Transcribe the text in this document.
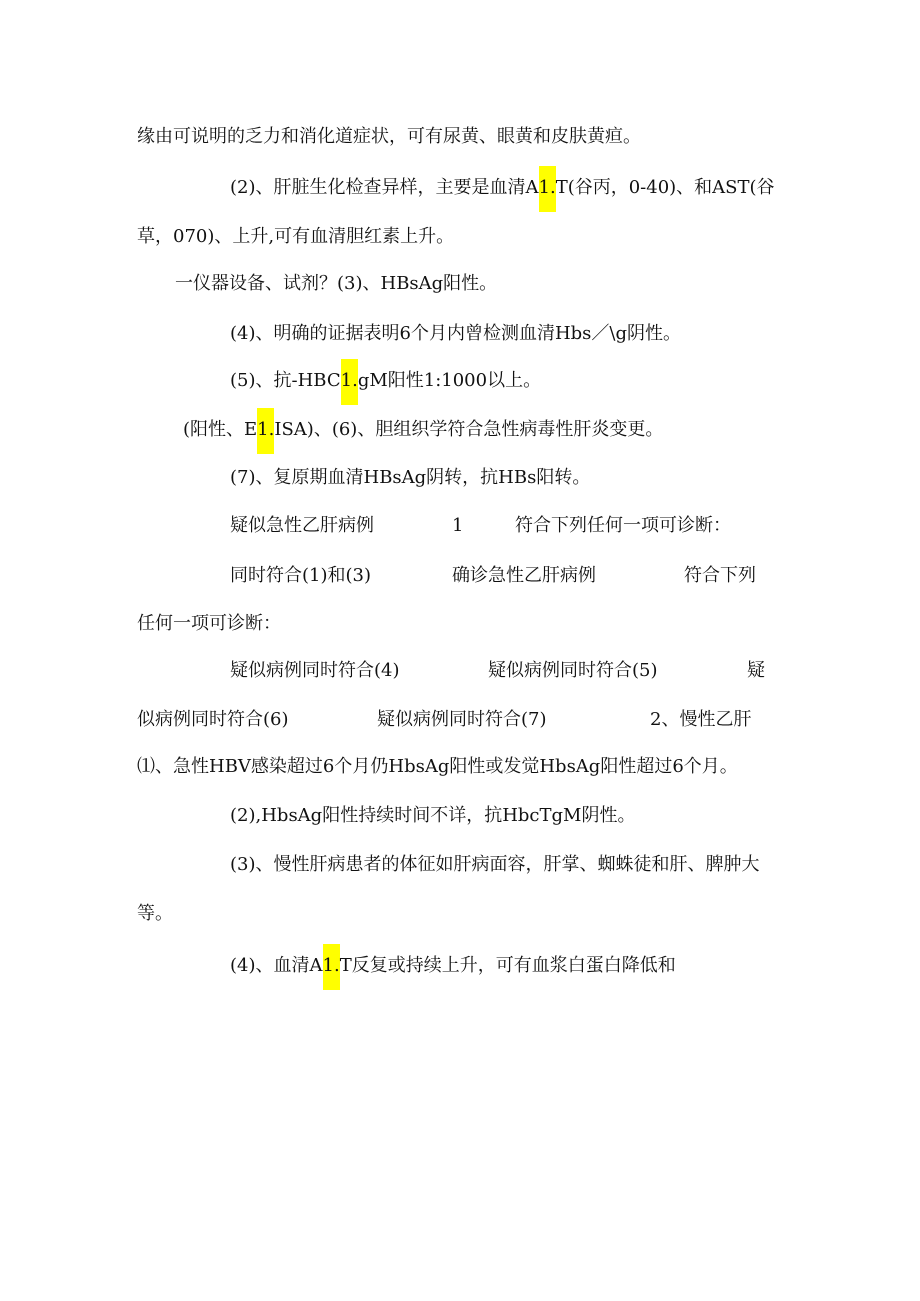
缘由可说明的乏力和消化道症状，可有尿黄、眼黄和皮肤黄疸。
(2)、肝脏生化检查异样，主要是血清A1.T(谷丙，0-40)、和AST(谷
草，070)、上升,可有血清胆红素上升。
一仪器设备、试剂？(3)、HBsAg阳性。
(4)、明确的证据表明6个月内曾检测血清Hbs／\g阴性。
(5)、抗-HBC1.gM阳性1:1000以上。
(阳性、E1.ISA)、(6)、胆组织学符合急性病毒性肝炎变更。
(7)、复原期血清HBsAg阴转，抗HBs阳转。
疑似急性乙肝病例	1	符合下列任何一项可诊断：
同时符合(1)和(3)	确诊急性乙肝病例	符合下列
任何一项可诊断：
疑似病例同时符合(4)	疑似病例同时符合(5)	疑
似病例同时符合(6)	疑似病例同时符合(7)	2、慢性乙肝
⑴、急性HBV感染超过6个月仍HbsAg阳性或发觉HbsAg阳性超过6个月。
(2),HbsAg阳性持续时间不详，抗HbcTgM阴性。
(3)、慢性肝病患者的体征如肝病面容，肝掌、蜘蛛徒和肝、脾肿大
等。
(4)、血清A1.T反复或持续上升，可有血浆白蛋白降低和
